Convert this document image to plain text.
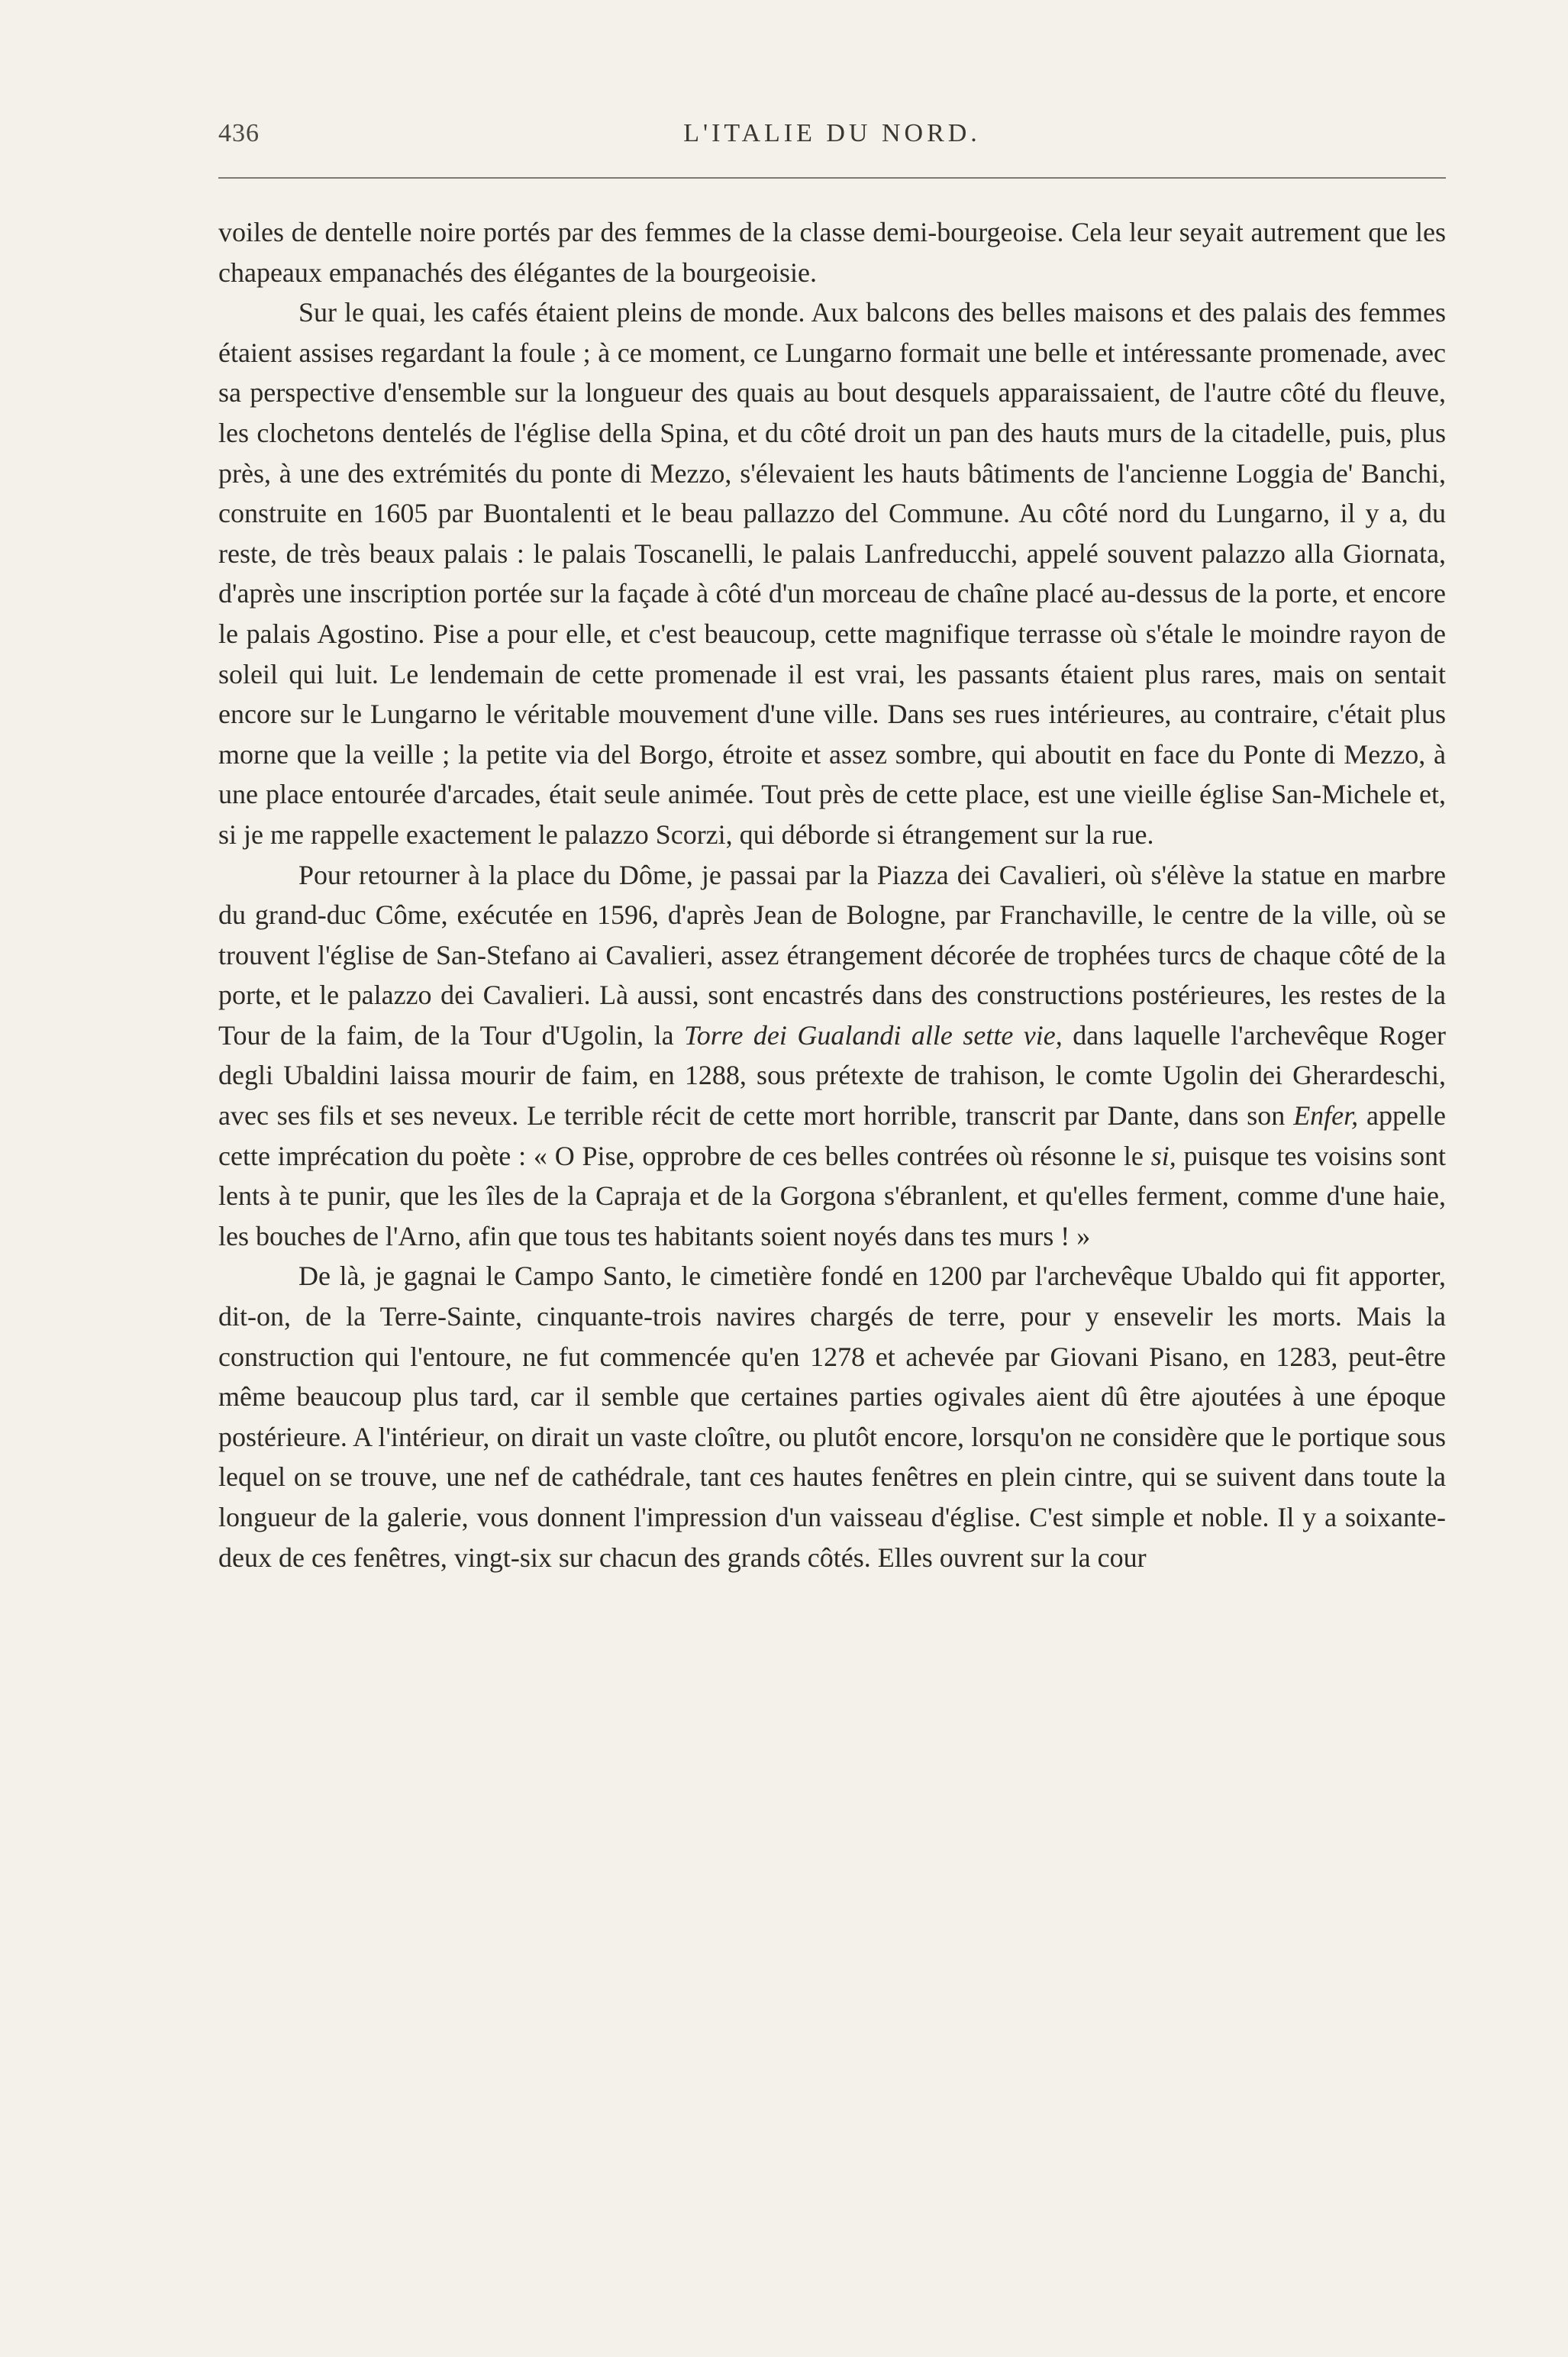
436	L'ITALIE DU NORD.

voiles de dentelle noire portés par des femmes de la classe demi-bourgeoise. Cela leur seyait autrement que les chapeaux empanachés des élégantes de la bourgeoisie.

Sur le quai, les cafés étaient pleins de monde. Aux balcons des belles maisons et des palais des femmes étaient assises regardant la foule ; à ce moment, ce Lungarno formait une belle et intéressante promenade, avec sa perspective d'ensemble sur la longueur des quais au bout desquels apparaissaient, de l'autre côté du fleuve, les clochetons dentelés de l'église della Spina, et du côté droit un pan des hauts murs de la citadelle, puis, plus près, à une des extrémités du ponte di Mezzo, s'élevaient les hauts bâtiments de l'ancienne Loggia de' Banchi, construite en 1605 par Buontalenti et le beau pallazzo del Commune. Au côté nord du Lungarno, il y a, du reste, de très beaux palais : le palais Toscanelli, le palais Lanfreducchi, appelé souvent palazzo alla Giornata, d'après une inscription portée sur la façade à côté d'un morceau de chaîne placé au-dessus de la porte, et encore le palais Agostino. Pise a pour elle, et c'est beaucoup, cette magnifique terrasse où s'étale le moindre rayon de soleil qui luit. Le lendemain de cette promenade il est vrai, les passants étaient plus rares, mais on sentait encore sur le Lungarno le véritable mouvement d'une ville. Dans ses rues intérieures, au contraire, c'était plus morne que la veille ; la petite via del Borgo, étroite et assez sombre, qui aboutit en face du Ponte di Mezzo, à une place entourée d'arcades, était seule animée. Tout près de cette place, est une vieille église San-Michele et, si je me rappelle exactement le palazzo Scorzi, qui déborde si étrangement sur la rue.

Pour retourner à la place du Dôme, je passai par la Piazza dei Cavalieri, où s'élève la statue en marbre du grand-duc Côme, exécutée en 1596, d'après Jean de Bologne, par Franchaville, le centre de la ville, où se trouvent l'église de San-Stefano ai Cavalieri, assez étrangement décorée de trophées turcs de chaque côté de la porte, et le palazzo dei Cavalieri. Là aussi, sont encastrés dans des constructions postérieures, les restes de la Tour de la faim, de la Tour d'Ugolin, la Torre dei Gualandi alle sette vie, dans laquelle l'archevêque Roger degli Ubaldini laissa mourir de faim, en 1288, sous prétexte de trahison, le comte Ugolin dei Gherardeschi, avec ses fils et ses neveux. Le terrible récit de cette mort horrible, transcrit par Dante, dans son Enfer, appelle cette imprécation du poète : « O Pise, opprobre de ces belles contrées où résonne le si, puisque tes voisins sont lents à te punir, que les îles de la Capraja et de la Gorgona s'ébranlent, et qu'elles ferment, comme d'une haie, les bouches de l'Arno, afin que tous tes habitants soient noyés dans tes murs ! »

De là, je gagnai le Campo Santo, le cimetière fondé en 1200 par l'archevêque Ubaldo qui fit apporter, dit-on, de la Terre-Sainte, cinquante-trois navires chargés de terre, pour y ensevelir les morts. Mais la construction qui l'entoure, ne fut commencée qu'en 1278 et achevée par Giovani Pisano, en 1283, peut-être même beaucoup plus tard, car il semble que certaines parties ogivales aient dû être ajoutées à une époque postérieure. A l'intérieur, on dirait un vaste cloître, ou plutôt encore, lorsqu'on ne considère que le portique sous lequel on se trouve, une nef de cathédrale, tant ces hautes fenêtres en plein cintre, qui se suivent dans toute la longueur de la galerie, vous donnent l'impression d'un vaisseau d'église. C'est simple et noble. Il y a soixante-deux de ces fenêtres, vingt-six sur chacun des grands côtés. Elles ouvrent sur la cour
